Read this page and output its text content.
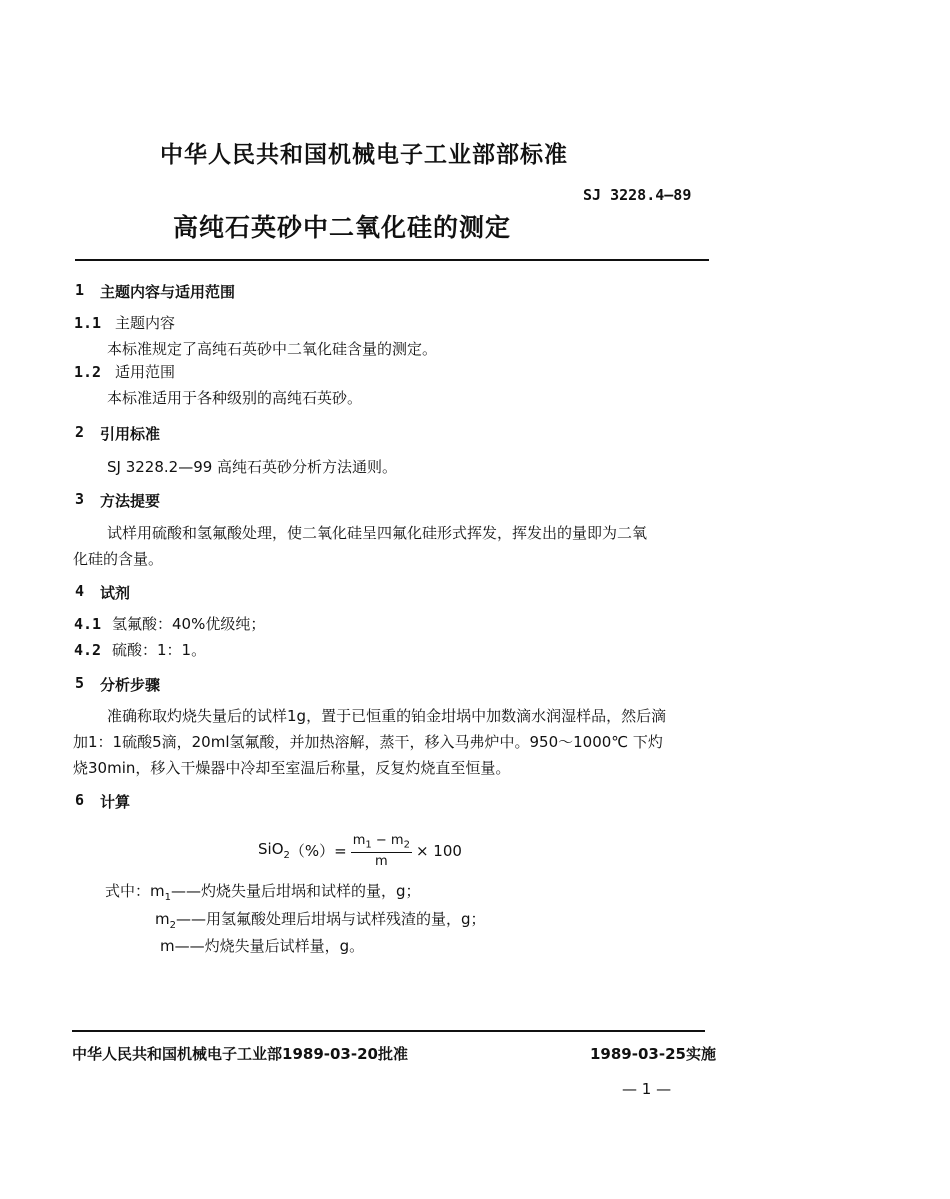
中华人民共和国机械电子工业部部标准
SJ 3228.4—89
高纯石英砂中二氧化硅的测定
1 主题内容与适用范围
1.1 主题内容
本标准规定了高纯石英砂中二氧化硅含量的测定。
1.2 适用范围
本标准适用于各种级别的高纯石英砂。
2 引用标准
SJ 3228.2—99 高纯石英砂分析方法通则。
3 方法提要
试样用硫酸和氢氟酸处理，使二氧化硅呈四氟化硅形式挥发，挥发出的量即为二氧
化硅的含量。
4 试剂
4.1 氢氟酸：40%优级纯；
4.2 硫酸：1：1。
5 分析步骤
准确称取灼烧失量后的试样1g，置于已恒重的铂金坩埚中加数滴水润湿样品，然后滴
加1：1硫酸5滴，20ml氢氟酸，并加热溶解，蒸干，移入马弗炉中。950～1000℃ 下灼
烧30min，移入干燥器中冷却至室温后称量，反复灼烧直至恒量。
6 计算
SiO$_2$ （%）= $\frac{m_1 - m_2}{m} \times 100$
式中：$m_1——$灼烧失量后坩埚和试样的量，g；
$m_2——$用氢氟酸处理后坩埚与试样残渣的量，g；
m——灼烧失量后试样量，g。
中华人民共和国机械电子工业部1989-03-20批准	1989-03-25实施
— 1 —
